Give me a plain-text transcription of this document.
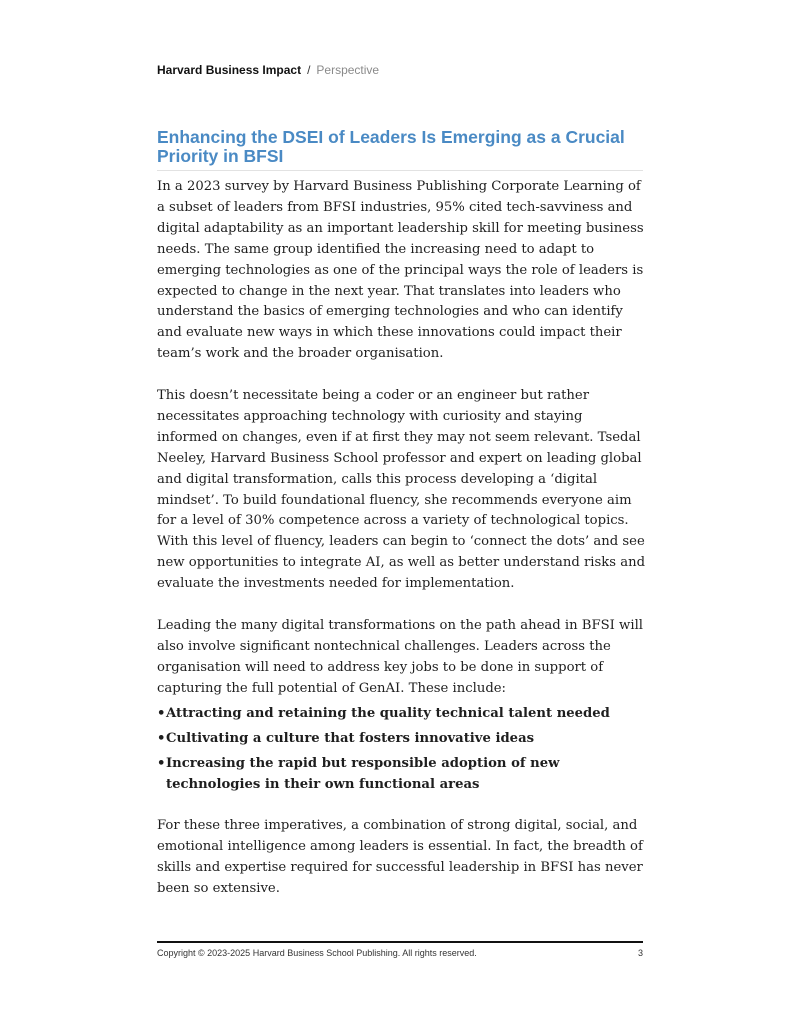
Harvard Business Impact / Perspective
Enhancing the DSEI of Leaders Is Emerging as a Crucial Priority in BFSI

In a 2023 survey by Harvard Business Publishing Corporate Learning of a subset of leaders from BFSI industries, 95% cited tech-savviness and digital adaptability as an important leadership skill for meeting business needs. The same group identified the increasing need to adapt to emerging technologies as one of the principal ways the role of leaders is expected to change in the next year. That translates into leaders who understand the basics of emerging technologies and who can identify and evaluate new ways in which these innovations could impact their team’s work and the broader organisation.

This doesn’t necessitate being a coder or an engineer but rather necessitates approaching technology with curiosity and staying informed on changes, even if at first they may not seem relevant. Tsedal Neeley, Harvard Business School professor and expert on leading global and digital transformation, calls this process developing a ‘digital mindset’. To build foundational fluency, she recommends everyone aim for a level of 30% competence across a variety of technological topics. With this level of fluency, leaders can begin to ‘connect the dots’ and see new opportunities to integrate AI, as well as better understand risks and evaluate the investments needed for implementation.

Leading the many digital transformations on the path ahead in BFSI will also involve significant nontechnical challenges. Leaders across the organisation will need to address key jobs to be done in support of capturing the full potential of GenAI. These include:

• Attracting and retaining the quality technical talent needed
• Cultivating a culture that fosters innovative ideas
• Increasing the rapid but responsible adoption of new technologies in their own functional areas

For these three imperatives, a combination of strong digital, social, and emotional intelligence among leaders is essential. In fact, the breadth of skills and expertise required for successful leadership in BFSI has never been so extensive.

Copyright © 2023-2025 Harvard Business School Publishing. All rights reserved.	3
